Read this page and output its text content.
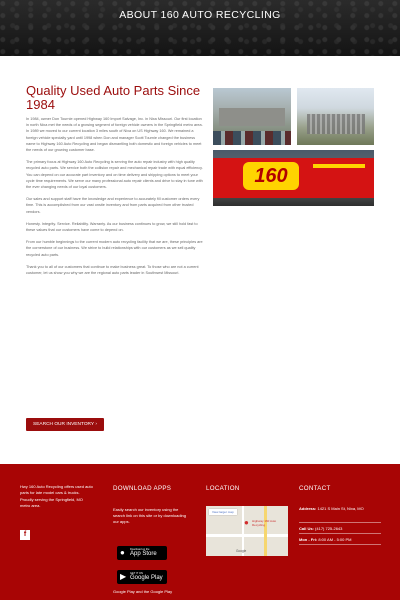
ABOUT 160 AUTO RECYCLING
Quality Used Auto Parts Since 1984

In 1984, owner Don Tournie opened Highway 160 Import Salvage, Inc. in Nixa Missouri. Our first location in north Nixa met the needs of a growing segment of foreign vehicle owners in the Springfield metro area. In 1989 we moved to our current location 3 miles south of Nixa on US Highway 160. We remained a foreign vehicle specialty yard until 1998 when Don and manager Scott Tournie changed the business name to Highway 160 Auto Recycling and began dismantling both domestic and foreign vehicles to meet the needs of our growing customer base.

The primary focus at Highway 160 Auto Recycling is serving the auto repair industry with high quality recycled auto parts. We service both the collision repair and mechanical repair trade with equal efficiency. You can depend on our accurate part inventory and on time delivery and shipping options to meet your cycle time requirements. We serve our many professional auto repair clients and drive to stay in tune with the ever changing needs of our loyal customers.

Our sales and support staff have the knowledge and experience to accurately fill customer orders every time. This is accomplished from our vast onsite inventory and from parts acquired from other trusted vendors.

Honesty. Integrity. Service. Reliability. Warranty. As our business continues to grow, we still hold fast to these values that our customers have come to depend on.

From our humble beginnings to the current modern auto recycling facility that we are, these principles are the cornerstone of our business. We strive to build relationships with our customers as we sell quality recycled auto parts.

Thank you to all of our customers that continue to make business great. To those who are not a current customer, let us show you why we are the regional auto parts leader in Southwest Missouri.

160
SEARCH OUR INVENTORY ›

Hwy 160 Auto Recycling offers used auto parts for late model cars & trucks. Proudly serving the Springfield, MO metro area.

f
DOWNLOAD APPS
Easily search our inventory using the search link on this site or by downloading our apps.
● Download on the
App Store
▶ GET IT ON
Google Play
Google Play and the Google Play
LOCATION
View larger map
● Highway 160 Auto Recycling
Google
CONTACT
Address: 1421 S Main St, Nixa, MO
Call Us: (417) 725-2643
Mon - Fri: 8:00 AM - 5:00 PM
